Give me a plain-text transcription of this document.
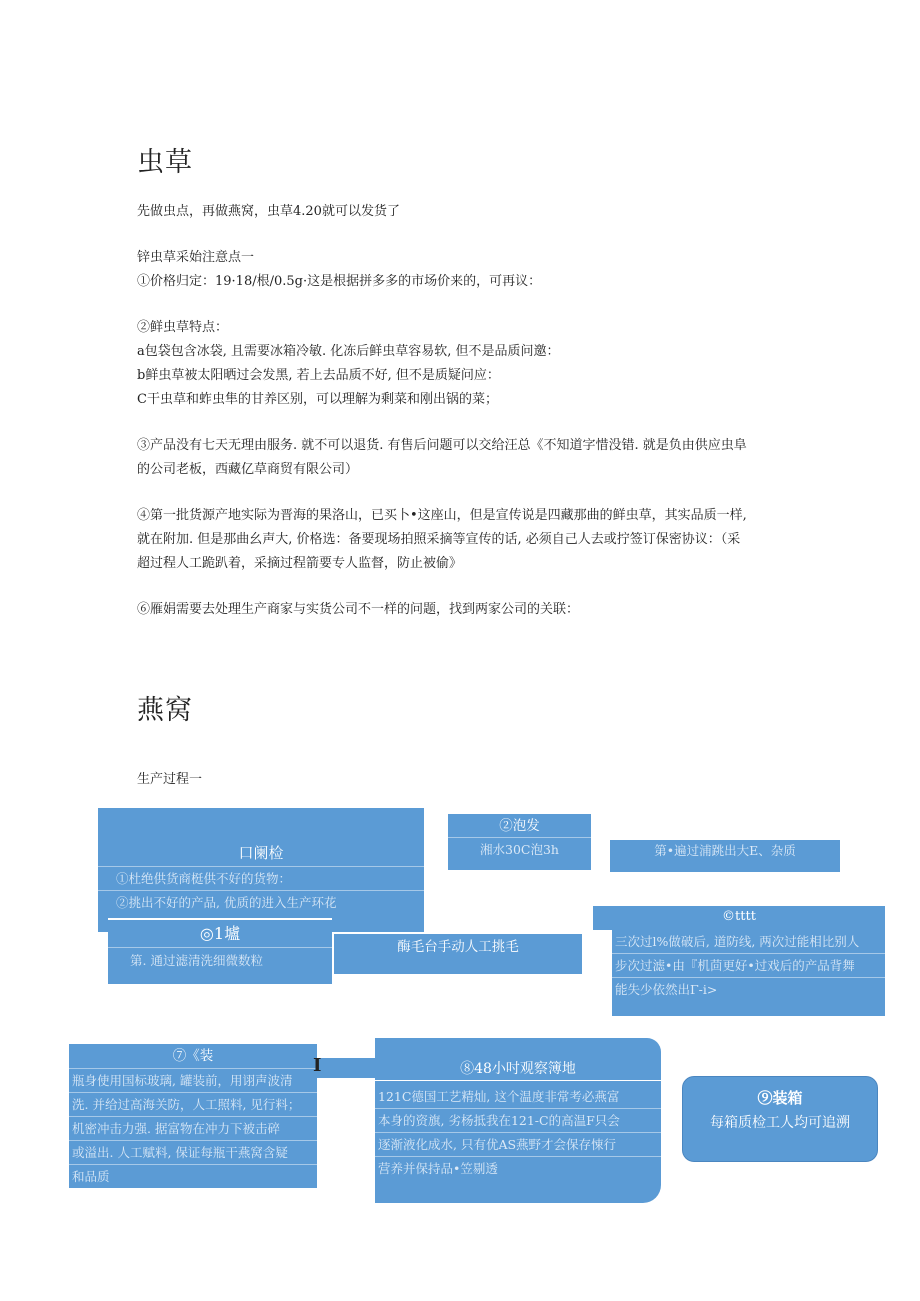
虫草
先做虫点，再做燕窝，虫草4.20就可以发货了
锌虫草采始注意点一
①价格归定：19·18/根/0.5g·这是根据拼多多的市场价来的，可再议：
②鲜虫草特点：
a包袋包含冰袋, 且需要冰箱冷敏. 化冻后鲜虫草容易软, 但不是品质问邀：
b鲜虫草被太阳晒过会发黑, 若上去品质不好, 但不是质疑问应：
C干虫草和蚱虫隼的甘养区别，可以理解为剩菜和刚出锅的菜；
③产品没有七天无理由服务. 就不可以退货. 有售后问题可以交给汪总《不知道字惜没错. 就是负由供应虫阜
的公司老板，西藏亿草商贸有限公司）
④第一批货源产地实际为晋海的果洛山，已买卜•这座山，但是宣传说是四藏那曲的鲜虫草，其实品质一样,
就在附加. 但是那曲幺声大, 价格选：备要现场拍照采摘等宣传的话, 必须自己人去或拧签订保密协议：（采
超过程人工跪趴着，采摘过程箭要专人监督，防止被偷》
⑥雁娟需要去处理生产商家与实货公司不一样的问题，找到两家公司的关联：
燕窝
生产过程一
口阑检
①杜绝供货商梃供不好的货物：
②挑出不好的产品, 优质的进入生产环花
②泡发
湘水30C泡3h	第•遍过浦跳出大E、杂质
◎1壚
第. 通过滤清洗细微数粒
酶毛台手动人工挑毛
©tttt
三次过l%做破后, 道防线, 两次过能相比别人
步次过滤•由『机茴更好•过戏后的产品背舞
能失少依然出Γ-i>
⑦《装
瓶身使用国标玻璃, 罐装前，用诩声波清
洗. 并给过高海关防，人工照料, 见行料；
机密冲击力强. 据富物在冲力下被击碎
或溢出. 人工赋料, 保证每瓶干燕窝含疑
和品质
⑧48小吋观察簿地
121C德国工艺精灿, 这个温度非常考必燕富
本身的资旗, 劣杨抵我在121-C的高温F只会
逐渐液化成水, 只有优AS燕野才会保存悚行
营养并保持品•笠剔透
I
⑨装箱
每箱质检工人均可追溯
